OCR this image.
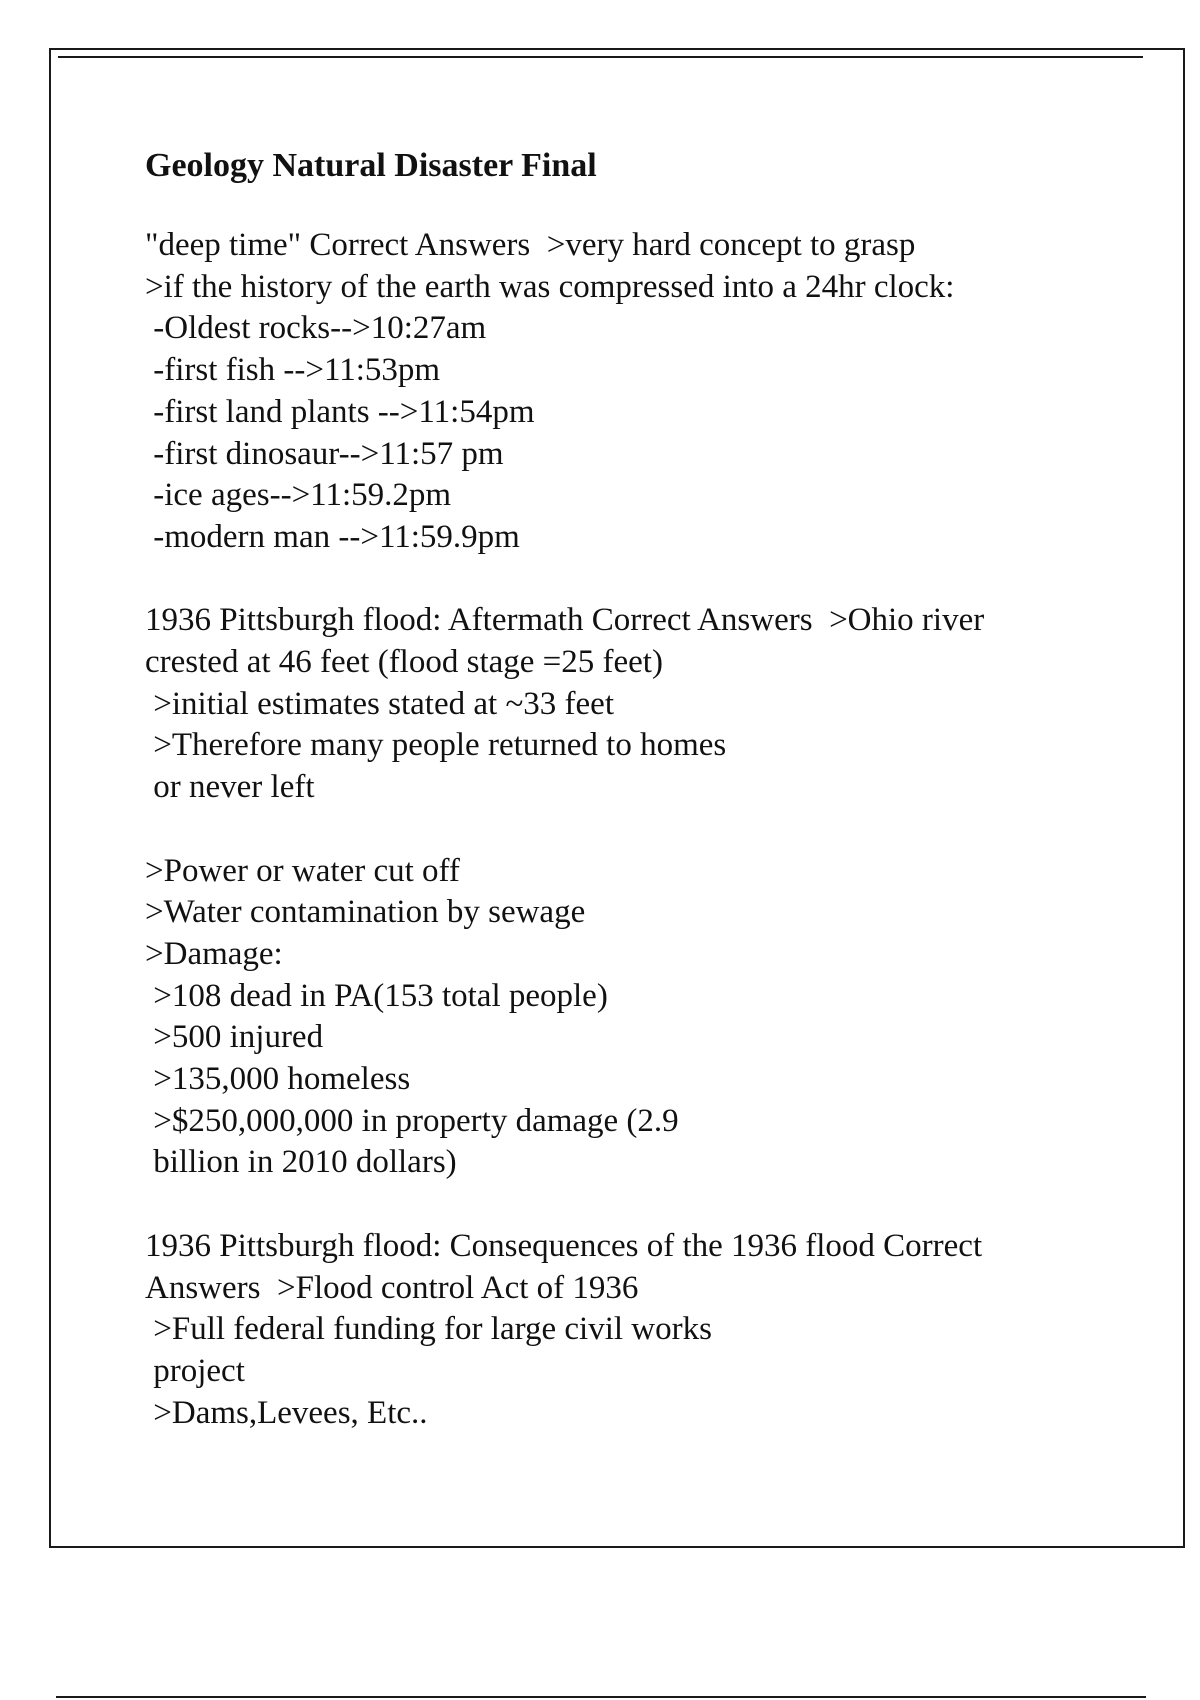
Geology Natural Disaster Final
"deep time" Correct Answers  >very hard concept to grasp
>if the history of the earth was compressed into a 24hr clock:
-Oldest rocks-->10:27am
-first fish -->11:53pm
-first land plants -->11:54pm
-first dinosaur-->11:57 pm
-ice ages-->11:59.2pm
-modern man -->11:59.9pm
1936 Pittsburgh flood: Aftermath Correct Answers  >Ohio river
crested at 46 feet (flood stage =25 feet)
>initial estimates stated at ~33 feet
>Therefore many people returned to homes
or never left
>Power or water cut off
>Water contamination by sewage
>Damage:
>108 dead in PA(153 total people)
>500 injured
>135,000 homeless
>$250,000,000 in property damage (2.9
billion in 2010 dollars)
1936 Pittsburgh flood: Consequences of the 1936 flood Correct
Answers  >Flood control Act of 1936
>Full federal funding for large civil works
project
>Dams,Levees, Etc..
